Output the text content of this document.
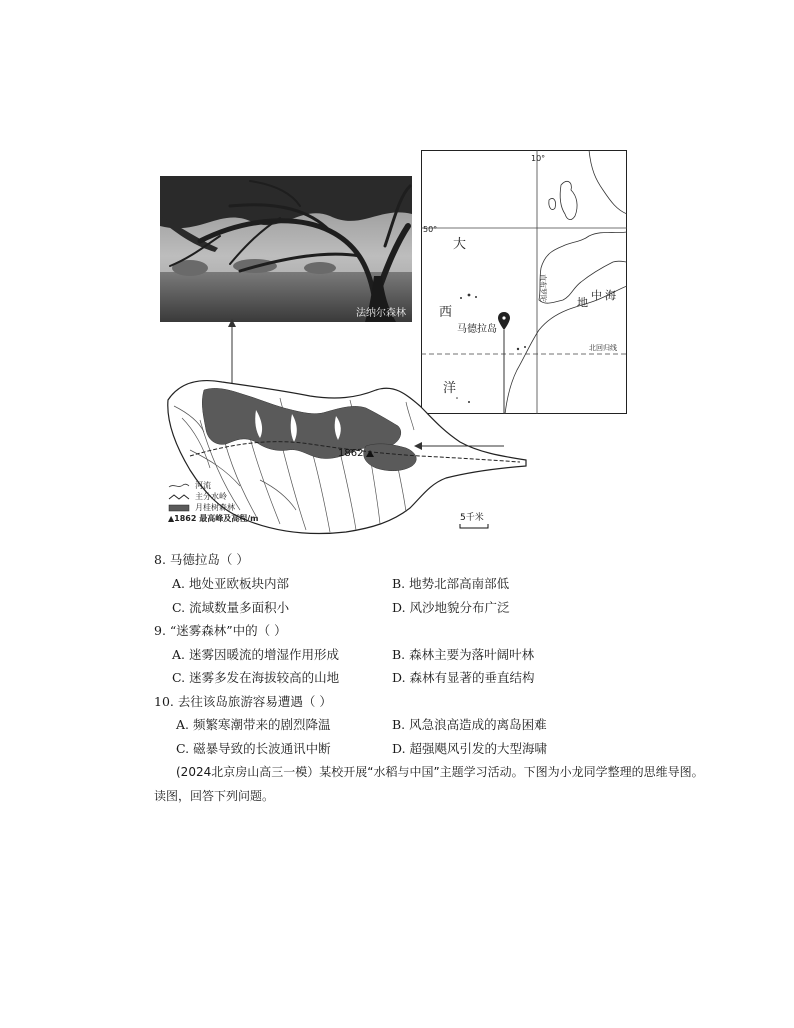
法纳尔森林
10°
50°
大
西
洋
地
中 海
直布罗陀
马德拉岛
北回归线
1862
5千米
河流
主分水岭
月桂树森林
▲1862 最高峰及高程/m
8. 马德拉岛（ ）
A. 地处亚欧板块内部	B. 地势北部高南部低
C. 流域数量多面积小	D. 风沙地貌分布广泛
9. “迷雾森林”中的（ ）
A. 迷雾因暖流的增湿作用形成	B. 森林主要为落叶阔叶林
C. 迷雾多发在海拔较高的山地	D. 森林有显著的垂直结构
10. 去往该岛旅游容易遭遇（ ）
A. 频繁寒潮带来的剧烈降温	B. 风急浪高造成的离岛困难
C. 磁暴导致的长波通讯中断	D. 超强飓风引发的大型海啸
(2024北京房山高三一模）某校开展“水稻与中国”主题学习活动。下图为小龙同学整理的思维导图。
读图，回答下列问题。
